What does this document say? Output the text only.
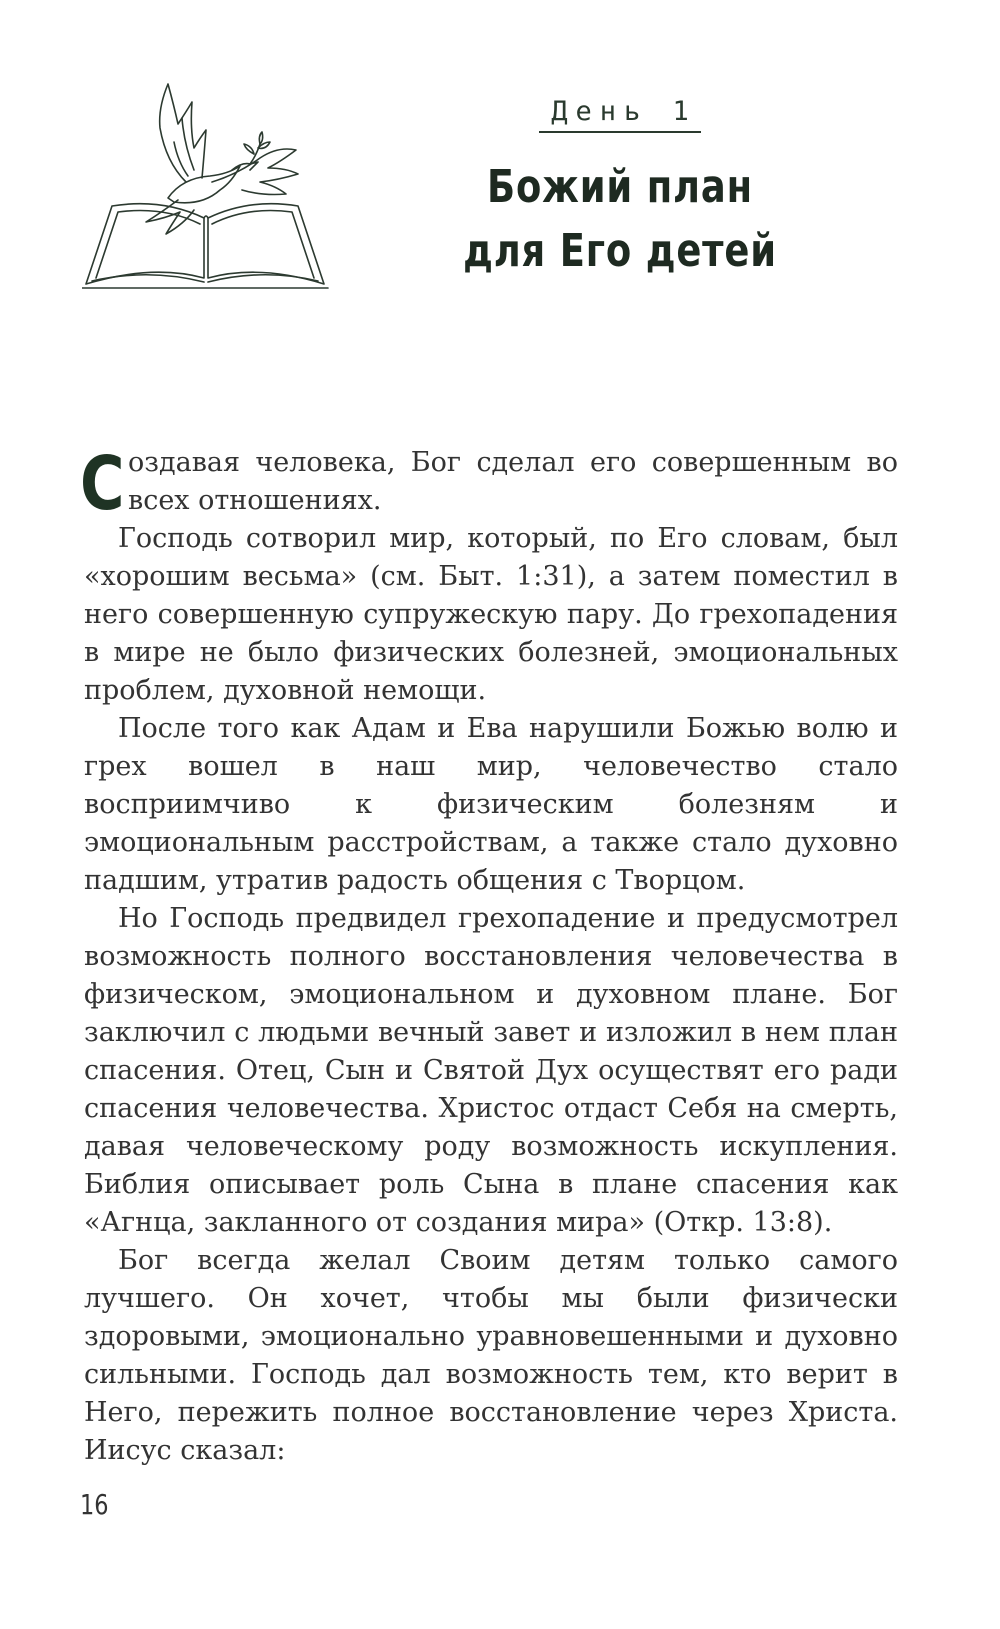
День 1
Божий план
для Его детей

Создавая человека, Бог сделал его совершенным во всех отношениях.

Господь сотворил мир, который, по Его словам, был «хорошим весьма» (см. Быт. 1:31), а затем поместил в него совершенную супружескую пару. До грехопадения в мире не было физических болезней, эмоциональных проблем, духовной немощи.

После того как Адам и Ева нарушили Божью волю и грех вошел в наш мир, человечество стало восприимчиво к физическим болезням и эмоциональным расстройствам, а также стало духовно падшим, утратив радость общения с Творцом.

Но Господь предвидел грехопадение и предусмотрел возможность полного восстановления человечества в физическом, эмоциональном и духовном плане. Бог заключил с людьми вечный завет и изложил в нем план спасения. Отец, Сын и Святой Дух осуществят его ради спасения человечества. Христос отдаст Себя на смерть, давая человеческому роду возможность искупления. Библия описывает роль Сына в плане спасения как «Агнца, закланного от создания мира» (Откр. 13:8).

Бог всегда желал Своим детям только самого лучшего. Он хочет, чтобы мы были физически здоровыми, эмоционально уравновешенными и духовно сильными. Господь дал возможность тем, кто верит в Него, пережить полное восстановление через Христа. Иисус сказал:

16
